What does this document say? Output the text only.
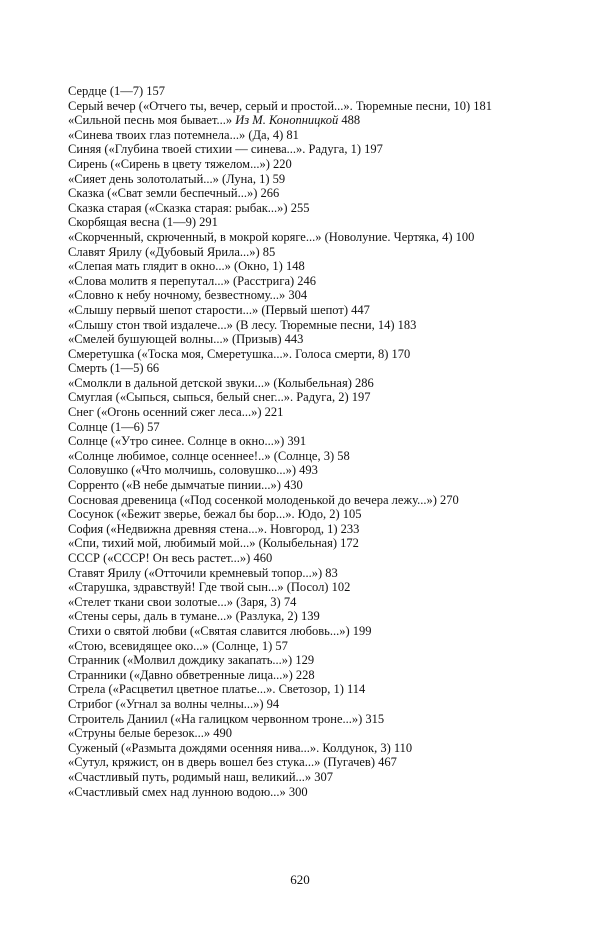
Сердце (1—7) 157

Серый вечер («Отчего ты, вечер, серый и простой...». Тюремные песни, 10) 181

«Сильной песнь моя бывает...» Из М. Конопницкой 488

«Синева твоих глаз потемнела...» (Да, 4) 81

Синяя («Глубина твоей стихии — синева...». Радуга, 1) 197

Сирень («Сирень в цвету тяжелом...») 220

«Сияет день золотолатый...» (Луна, 1) 59

Сказка («Сват земли беспечный...») 266

Сказка старая («Сказка старая: рыбак...») 255

Скорбящая весна (1—9) 291

«Скорченный, скрюченный, в мокрой коряге...» (Новолуние. Чертяка, 4) 100

Славят Ярилу («Дубовый Ярила...») 85

«Слепая мать глядит в окно...» (Окно, 1) 148

«Слова молитв я перепутал...» (Расстрига) 246

«Словно к небу ночному, безвестному...» 304

«Слышу первый шепот старости...» (Первый шепот) 447

«Слышу стон твой издалече...» (В лесу. Тюремные песни, 14) 183

«Смелей бушующей волны...» (Призыв) 443

Смеретушка («Тоска моя, Смеретушка...». Голоса смерти, 8) 170

Смерть (1—5) 66

«Смолкли в дальной детской звуки...» (Колыбельная) 286

Смуглая («Сыпься, сыпься, белый снег...». Радуга, 2) 197

Снег («Огонь осенний сжег леса...») 221

Солнце (1—6) 57

Солнце («Утро синее. Солнце в окно...») 391

«Солнце любимое, солнце осеннее!..» (Солнце, 3) 58

Соловушко («Что молчишь, соловушко...») 493

Сорренто («В небе дымчатые пинии...») 430

Сосновая древеница («Под сосенкой молоденькой до вечера лежу...») 270

Сосунок («Бежит зверье, бежал бы бор...». Юдо, 2) 105

София («Недвижна древняя стена...». Новгород, 1) 233

«Спи, тихий мой, любимый мой...» (Колыбельная) 172

СССР («СССР! Он весь растет...») 460

Ставят Ярилу («Отточили кремневый топор...») 83

«Старушка, здравствуй! Где твой сын...» (Посол) 102

«Стелет ткани свои золотые...» (Заря, 3) 74

«Стены серы, даль в тумане...» (Разлука, 2) 139

Стихи о святой любви («Святая славится любовь...») 199

«Стою, всевидящее око...» (Солнце, 1) 57

Странник («Молвил дождику закапать...») 129

Странники («Давно обветренные лица...») 228

Стрела («Расцветил цветное платье...». Светозор, 1) 114

Стрибог («Угнал за волны челны...») 94

Строитель Даниил («На галицком червонном троне...») 315

«Струны белые березок...» 490

Суженый («Размыта дождями осенняя нива...». Колдунок, 3) 110

«Сутул, кряжист, он в дверь вошел без стука...» (Пугачев) 467

«Счастливый путь, родимый наш, великий...» 307

«Счастливый смех над лунною водою...» 300

620
